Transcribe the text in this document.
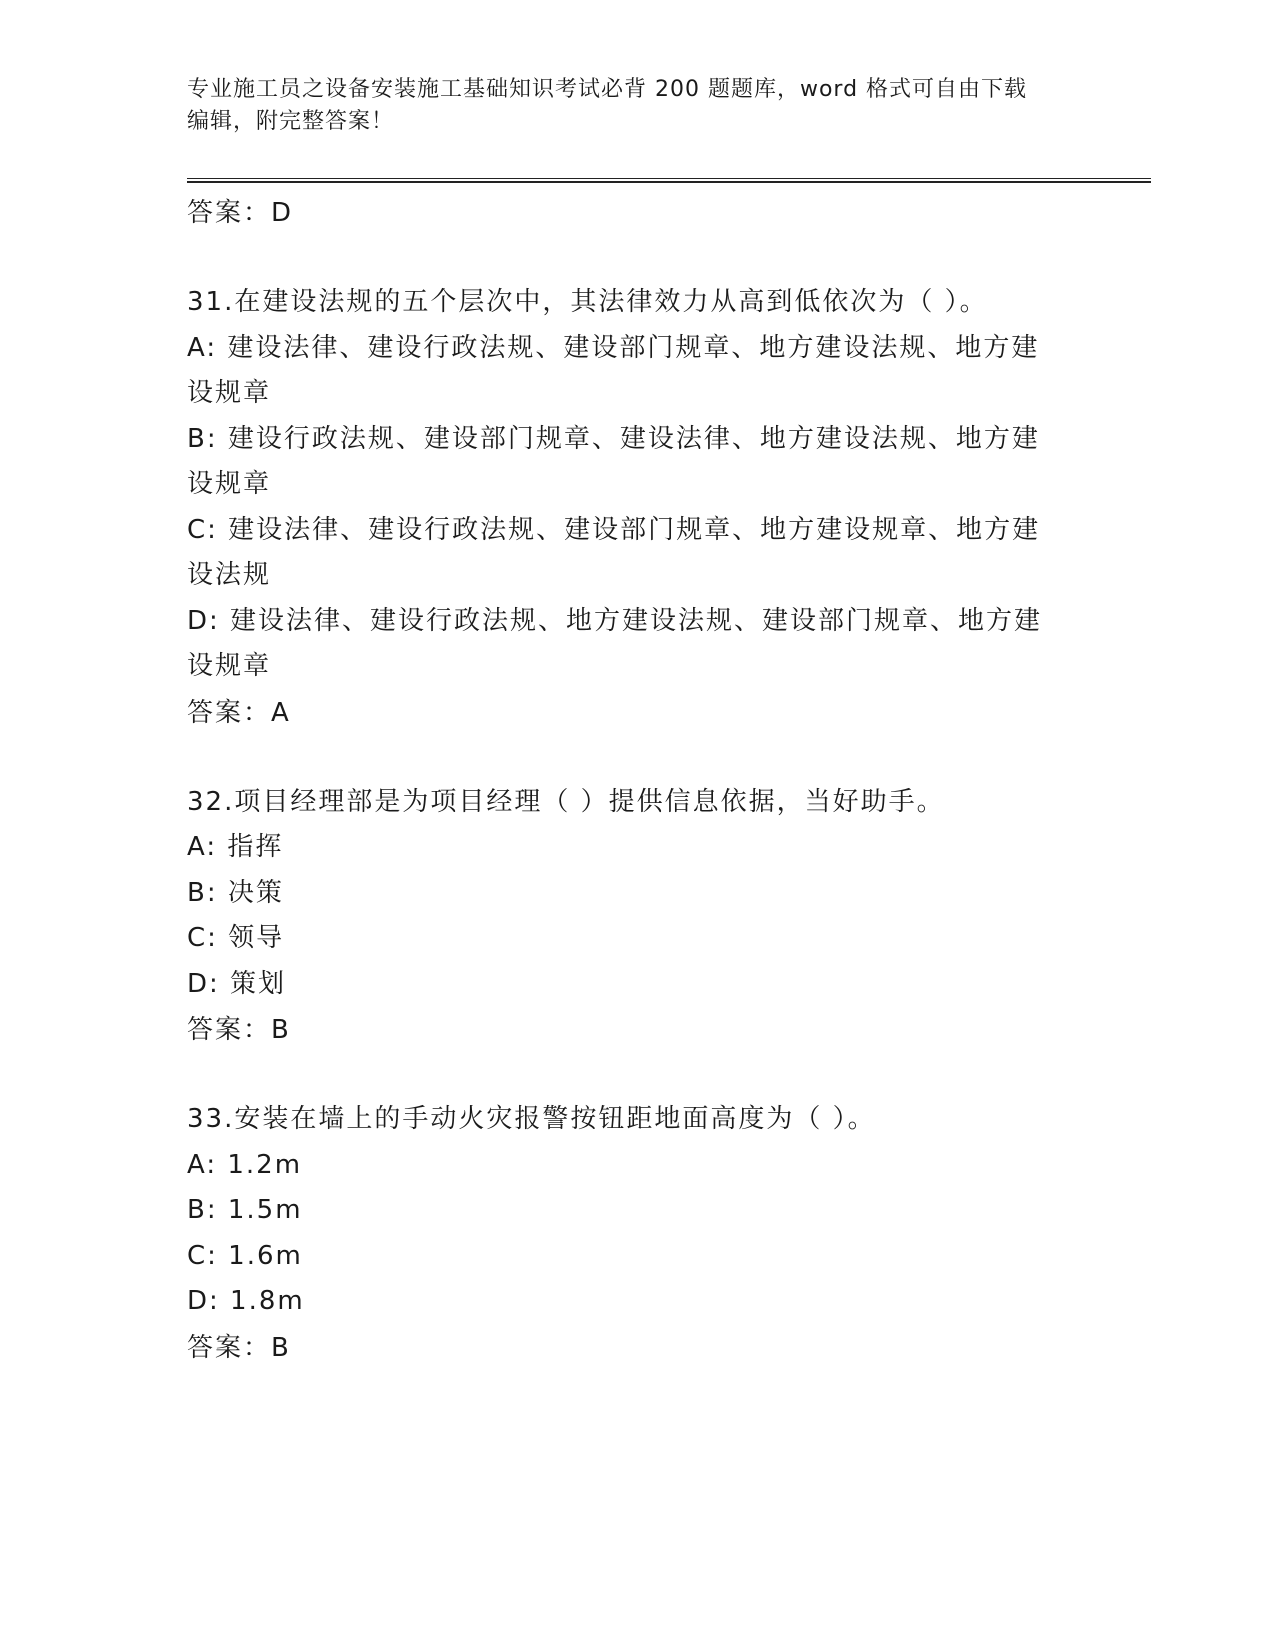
专业施工员之设备安装施工基础知识考试必背 200 题题库，word 格式可自由下载
编辑，附完整答案！
答案：D
31.在建设法规的五个层次中，其法律效力从高到低依次为（ ）。
A: 建设法律、建设行政法规、建设部门规章、地方建设法规、地方建
设规章
B: 建设行政法规、建设部门规章、建设法律、地方建设法规、地方建
设规章
C: 建设法律、建设行政法规、建设部门规章、地方建设规章、地方建
设法规
D: 建设法律、建设行政法规、地方建设法规、建设部门规章、地方建
设规章
答案：A
32.项目经理部是为项目经理（ ）提供信息依据，当好助手。
A: 指挥
B: 决策
C: 领导
D: 策划
答案：B
33.安装在墙上的手动火灾报警按钮距地面高度为（ ）。
A: 1.2m
B: 1.5m
C: 1.6m
D: 1.8m
答案：B
